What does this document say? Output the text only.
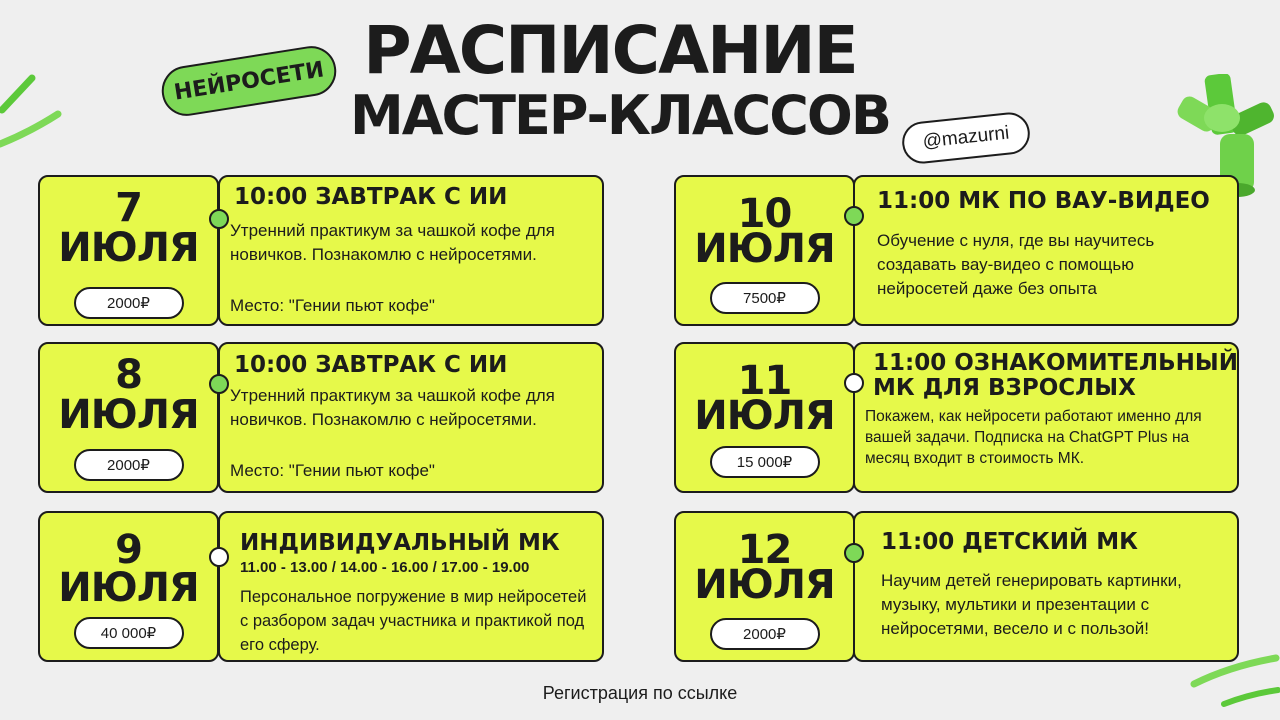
РАСПИСАНИЕ
МАСТЕР-КЛАССОВ
НЕЙРОСЕТИ
@mazurni
7
ИЮЛЯ
2000₽
10:00 ЗАВТРАК С ИИ
Утренний практикум за чашкой кофе для новичков. Познакомлю с нейросетями.
Место: "Гении пьют кофе"
8
ИЮЛЯ
2000₽
10:00 ЗАВТРАК С ИИ
Утренний практикум за чашкой кофе для новичков. Познакомлю с нейросетями.
Место: "Гении пьют кофе"
9
ИЮЛЯ
40 000₽
ИНДИВИДУАЛЬНЫЙ МК
11.00 - 13.00 / 14.00 - 16.00 / 17.00 - 19.00
Персональное погружение в мир нейросетей с разбором задач участника и практикой под его сферу.
10
ИЮЛЯ
7500₽
11:00 МК ПО ВАУ-ВИДЕО
Обучение с нуля, где вы научитесь создавать вау-видео с помощью нейросетей даже без опыта
11
ИЮЛЯ
15 000₽
11:00 ОЗНАКОМИТЕЛЬНЫЙ
МК ДЛЯ ВЗРОСЛЫХ
Покажем, как нейросети работают именно для вашей задачи. Подписка на ChatGPT Plus на месяц входит в стоимость МК.
12
ИЮЛЯ
2000₽
11:00 ДЕТСКИЙ МК
Научим детей генерировать картинки, музыку, мультики и презентации с нейросетями, весело и с пользой!
Регистрация по ссылке
